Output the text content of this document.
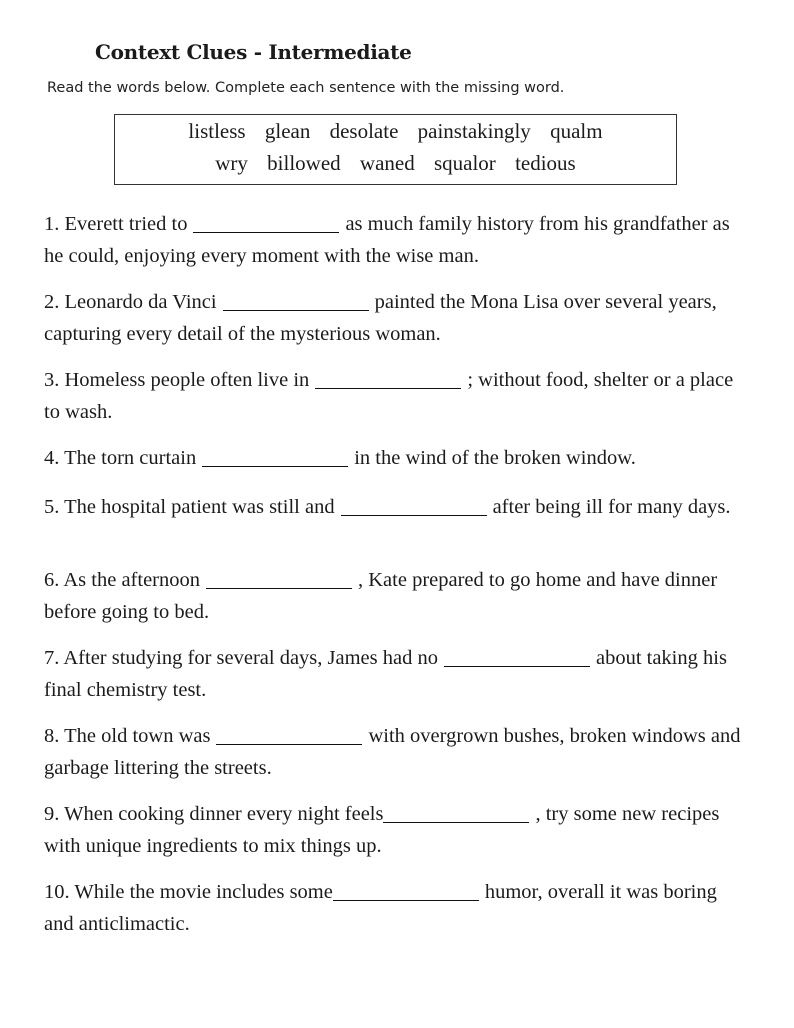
Context Clues - Intermediate

Read the words below. Complete each sentence with the missing word.

listless glean desolate painstakingly qualm
wry billowed waned squalor tedious
1. Everett tried to	as much family history from his grandfather as he could, enjoying every moment with the wise man.
2. Leonardo da Vinci	painted the Mona Lisa over several years, capturing every detail of the mysterious woman.
3. Homeless people often live in	; without food, shelter or a place to wash.
4. The torn curtain	in the wind of the broken window.
5. The hospital patient was still and	after being ill for many days.
6. As the afternoon	, Kate prepared to go home and have dinner before going to bed.
7. After studying for several days, James had no	about taking his final chemistry test.
8. The old town was	with overgrown bushes, broken windows and garbage littering the streets.
9. When cooking dinner every night feels	, try some new recipes with unique ingredients to mix things up.
10. While the movie includes some	humor, overall it was boring and anticlimactic.
